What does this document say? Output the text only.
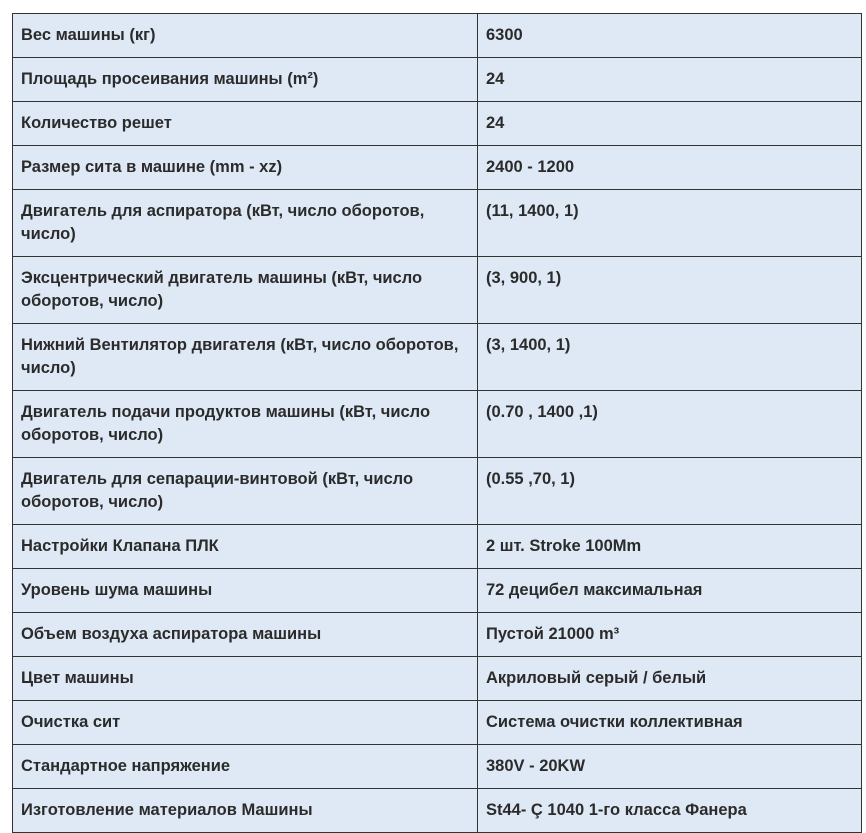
Вес машины (кг)	6300
Площадь просеивания машины (m²)	24
Количество решет	24
Размер сита в машине (mm - xz)	2400 - 1200
Двигатель для аспиратора (кВт, число оборотов, число)	(11, 1400, 1)
Эксцентрический двигатель машины (кВт, число оборотов, число)	(3, 900, 1)
Нижний Вентилятор двигателя (кВт, число оборотов, число)	(3, 1400, 1)
Двигатель подачи продуктов машины (кВт, число оборотов, число)	(0.70 , 1400 ,1)
Двигатель для сепарации-винтовой (кВт, число оборотов, число)	(0.55 ,70, 1)
Настройки Клапана ПЛК	2 шт. Stroke 100Mm
Уровень шума машины	72 децибел максимальная
Объем воздуха аспиратора машины	Пустой 21000 m³
Цвет машины	Акриловый серый / белый
Очистка сит	Система очистки коллективная
Стандартное напряжение	380V - 20KW
Изготовление материалов Машины	St44- Ç 1040 1-го класса Фанера
